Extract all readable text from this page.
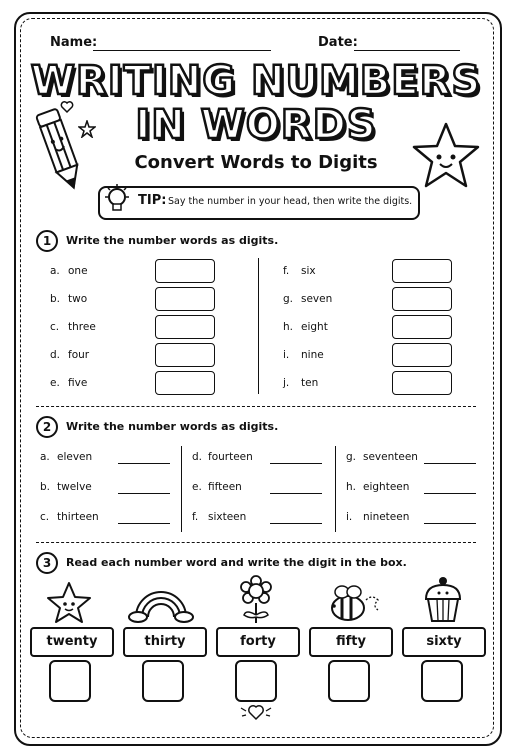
Name:	Date:
WRITING NUMBERS
IN WORDS
Convert Words to Digits
TIP: Say the number in your head, then write the digits.
1	Write the number words as digits.
a. one
b. two
c. three
d. four
e. five
f. six
g. seven
h. eight
i. nine
j. ten
2	Write the number words as digits.
a. eleven
b. twelve
c. thirteen
d. fourteen
e. fifteen
f. sixteen
g. seventeen
h. eighteen
i. nineteen
3	Read each number word and write the digit in the box.
twenty	thirty	forty	fifty	sixty
